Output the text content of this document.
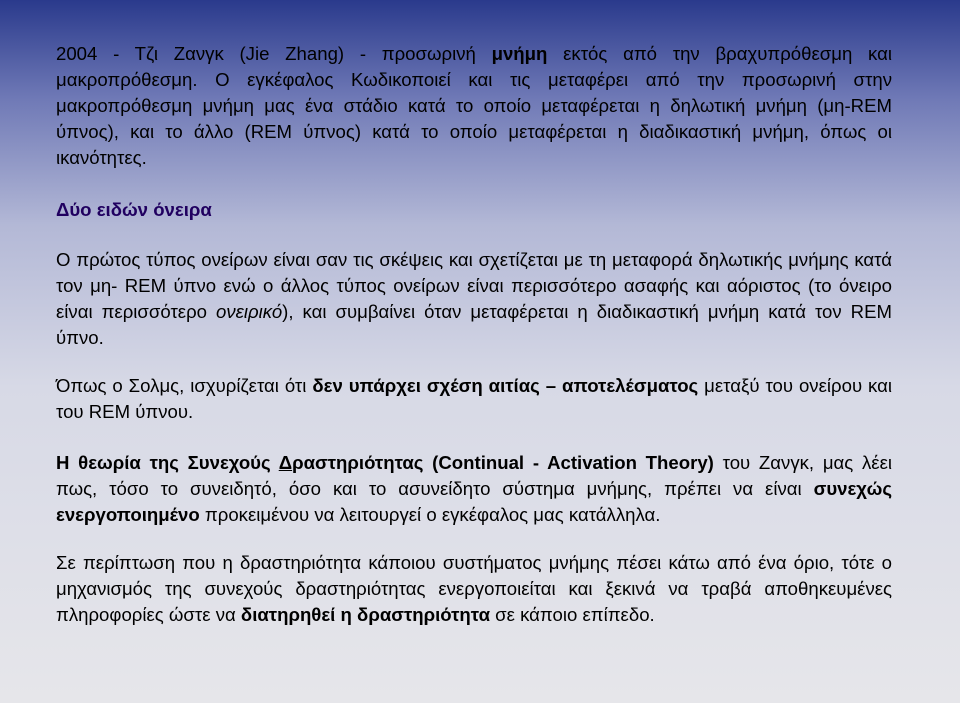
2004 - Τζι Ζανγκ (Jie Zhang) - προσωρινή μνήμη εκτός από την βραχυπρόθεσμη και μακροπρόθεσμη. Ο εγκέφαλος Κωδικοποιεί και τις μεταφέρει από την προσωρινή στην μακροπρόθεσμη μνήμη μας ένα στάδιο κατά το οποίο μεταφέρεται η δηλωτική μνήμη (μη-REM ύπνος), και το άλλο (REM ύπνος) κατά το οποίο μεταφέρεται η διαδικαστική μνήμη, όπως οι ικανότητες.

Δύο ειδών όνειρα

Ο πρώτος τύπος ονείρων είναι σαν τις σκέψεις και σχετίζεται με τη μεταφορά δηλωτικής μνήμης κατά τον μη- REM ύπνο ενώ ο άλλος τύπος ονείρων είναι περισσότερο ασαφής και αόριστος (το όνειρο είναι περισσότερο ονειρικό), και συμβαίνει όταν μεταφέρεται η διαδικαστική μνήμη κατά τον REM ύπνο.

Όπως ο Σολμς, ισχυρίζεται ότι δεν υπάρχει σχέση αιτίας – αποτελέσματος μεταξύ του ονείρου και του REM ύπνου.

Η θεωρία της Συνεχούς Δραστηριότητας (Continual - Activation Theory) του Ζανγκ, μας λέει πως, τόσο το συνειδητό, όσο και το ασυνείδητο σύστημα μνήμης, πρέπει να είναι συνεχώς ενεργοποιημένο προκειμένου να λειτουργεί ο εγκέφαλος μας κατάλληλα.

Σε περίπτωση που η δραστηριότητα κάποιου συστήματος μνήμης πέσει κάτω από ένα όριο, τότε ο μηχανισμός της συνεχούς δραστηριότητας ενεργοποιείται και ξεκινά να τραβά αποθηκευμένες πληροφορίες ώστε να διατηρηθεί η δραστηριότητα σε κάποιο επίπεδο.
